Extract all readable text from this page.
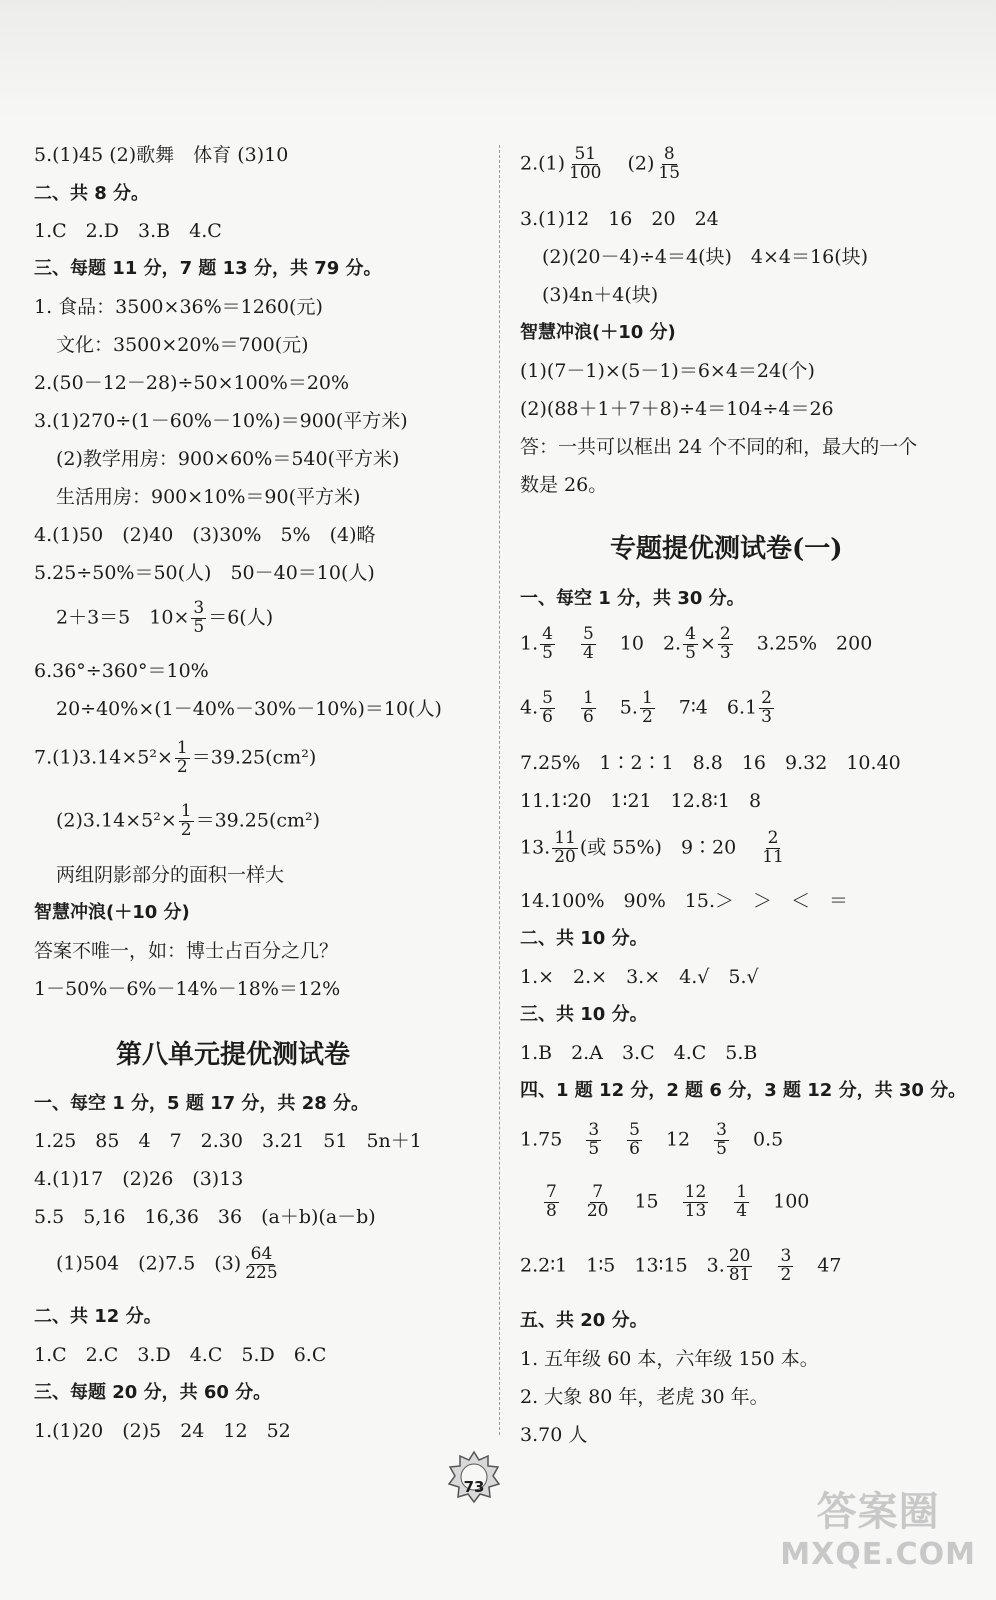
5.(1)45 (2)歌舞　体育 (3)10
二、共 8 分。
1.C　2.D　3.B　4.C
三、每题 11 分，7 题 13 分，共 79 分。
1. 食品：3500×36%＝1260(元)
文化：3500×20%＝700(元)
2.(50－12－28)÷50×100%＝20%
3.(1)270÷(1－60%－10%)＝900(平方米)
(2)教学用房：900×60%＝540(平方米)
生活用房：900×10%＝90(平方米)
4.(1)50　(2)40　(3)30%　5%　(4)略
5.25÷50%＝50(人)　50－40＝10(人)
2＋3＝5　$10\times \frac{3}{5} =6$(人)
6.36°÷360°＝10%
20÷40%×(1－40%－30%－10%)＝10(人)
$7.(1)3.14\times 5^2\times \frac{1}{2} =39.25(cm^2)$
$(2)3.14\times 5^2\times \frac{1}{2} =39.25(cm^2)$
两组阴影部分的面积一样大
智慧冲浪(＋10 分)
答案不唯一，如：博士占百分之几？
1－50%－6%－14%－18%＝12%
第八单元提优测试卷
一、每空 1 分，5 题 17 分，共 28 分。
1.25　85　4　7　2.30　3.21　51　5n＋1
4.(1)17　(2)26　(3)13
5.5　5,16　16,36　36　(a＋b)(a－b)
(1)504　(2)7.5　$(3) \frac{64}{225}$
二、共 12 分。
1.C　2.C　3.D　4.C　5.D　6.C
三、每题 20 分，共 60 分。
1.(1)20　(2)5　24　12　52
$2.(1) \frac{51}{100} (2) \frac{8}{15}$
3.(1)12　16　20　24
(2)(20－4)÷4＝4(块)　4×4＝16(块)
(3)4n＋4(块)
智慧冲浪(＋10 分)
(1)(7－1)×(5－1)＝6×4＝24(个)
(2)(88＋1＋7＋8)÷4＝104÷4＝26
答：一共可以框出 24 个不同的和，最大的一个
数是 26。
专题提优测试卷(一)
一、每空 1 分，共 30 分。
1. $\frac{4}{5} \frac{5}{4} 10$　2. $\frac{4}{5} \times \frac{2}{3} 3.25\%$　200
4. $\frac{5}{6} \frac{1}{6} 5$. $\frac{1}{2}$ 7∶4　$6.1 \frac{2}{3}$
7.25%　1∶2∶1　8.8　16　9.32　10.40
11.1∶20　1∶21　12.8∶1　8
13. $\frac{11}{20}$ (或 55%)　9∶20 $\frac{2}{11}$
14.100%　90%　15.＞　＞　＜　＝
二、共 10 分。
1.×　2.×　3.×　4.√　5.√
三、共 10 分。
1.B　2.A　3.C　4.C　5.B
四、1 题 12 分，2 题 6 分，3 题 12 分，共 30 分。
$1.75 \frac{3}{5} \frac{5}{6} 12 \frac{3}{5} 0.5$
$\frac{7}{8} \frac{7}{20} 15 \frac{12}{13} \frac{1}{4} 100$
2.2∶1　1∶5　13∶15　3. $\frac{20}{81} \frac{3}{2} 47$
五、共 20 分。
1. 五年级 60 本，六年级 150 本。
2. 大象 80 年，老虎 30 年。
3.70 人
73
答案圈
MXQE.COM
